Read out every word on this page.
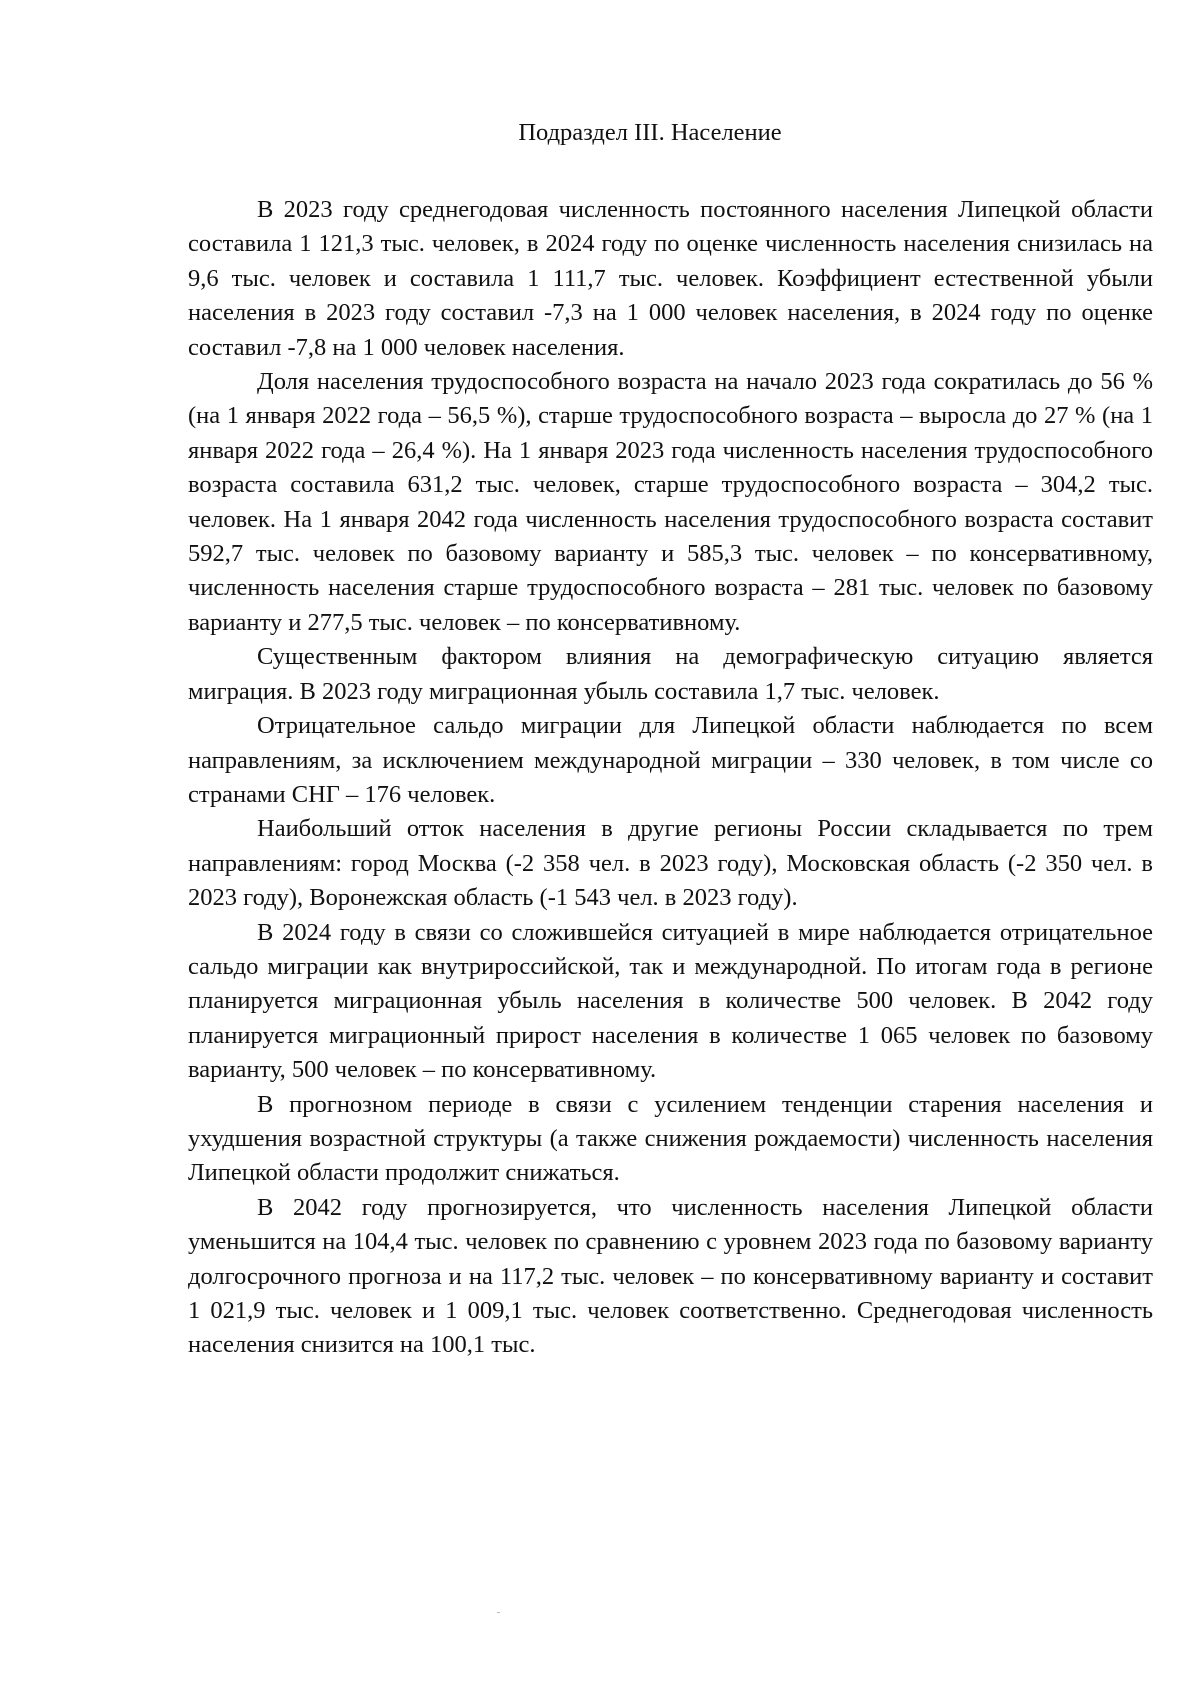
Подраздел III. Население

В 2023 году среднегодовая численность постоянного населения Липецкой области составила 1 121,3 тыс. человек, в 2024 году по оценке численность населения снизилась на 9,6 тыс. человек и составила 1 111,7 тыс. человек. Коэффициент естественной убыли населения в 2023 году составил -7,3 на 1 000 человек населения, в 2024 году по оценке составил -7,8 на 1 000 человек населения.

Доля населения трудоспособного возраста на начало 2023 года сократилась до 56 % (на 1 января 2022 года – 56,5 %), старше трудоспособного возраста – выросла до 27 % (на 1 января 2022 года – 26,4 %). На 1 января 2023 года численность населения трудоспособного возраста составила 631,2 тыс. человек, старше трудоспособного возраста – 304,2 тыс. человек. На 1 января 2042 года численность населения трудоспособного возраста составит 592,7 тыс. человек по базовому варианту и 585,3 тыс. человек – по консервативному, численность населения старше трудоспособного возраста – 281 тыс. человек по базовому варианту и 277,5 тыс. человек – по консервативному.

Существенным фактором влияния на демографическую ситуацию является миграция. В 2023 году миграционная убыль составила 1,7 тыс. человек.

Отрицательное сальдо миграции для Липецкой области наблюдается по всем направлениям, за исключением международной миграции – 330 человек, в том числе со странами СНГ – 176 человек.

Наибольший отток населения в другие регионы России складывается по трем направлениям: город Москва (-2 358 чел. в 2023 году), Московская область (-2 350 чел. в 2023 году), Воронежская область (-1 543 чел. в 2023 году).

В 2024 году в связи со сложившейся ситуацией в мире наблюдается отрицательное сальдо миграции как внутрироссийской, так и международной. По итогам года в регионе планируется миграционная убыль населения в количестве 500 человек. В 2042 году планируется миграционный прирост населения в количестве 1 065 человек по базовому варианту, 500 человек – по консервативному.

В прогнозном периоде в связи с усилением тенденции старения населения и ухудшения возрастной структуры (а также снижения рождаемости) численность населения Липецкой области продолжит снижаться.

В 2042 году прогнозируется, что численность населения Липецкой области уменьшится на 104,4 тыс. человек по сравнению с уровнем 2023 года по базовому варианту долгосрочного прогноза и на 117,2 тыс. человек – по консервативному варианту и составит 1 021,9 тыс. человек и 1 009,1 тыс. человек соответственно. Среднегодовая численность населения снизится на 100,1 тыс.
